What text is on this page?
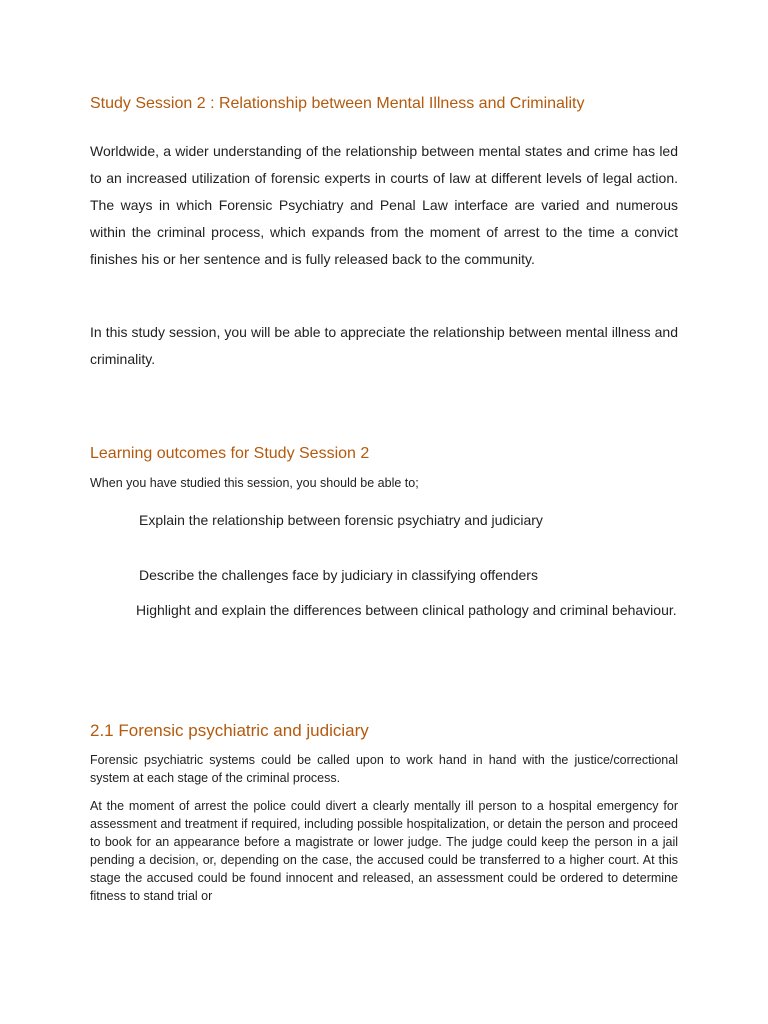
Study Session 2 : Relationship between Mental Illness and Criminality

Worldwide, a wider understanding of the relationship between mental states and crime has led to an increased utilization of forensic experts in courts of law at different levels of legal action. The ways in which Forensic Psychiatry and Penal Law interface are varied and numerous within the criminal process, which expands from the moment of arrest to the time a convict finishes his or her sentence and is fully released back to the community.

In this study session, you will be able to appreciate the relationship between mental illness and criminality.

Learning outcomes for Study Session 2

When you have studied this session, you should be able to;

Explain the relationship between forensic psychiatry and judiciary

Describe the challenges face by judiciary in classifying offenders

Highlight and explain the differences between clinical pathology and criminal behaviour.

2.1 Forensic psychiatric and judiciary

Forensic psychiatric systems could be called upon to work hand in hand with the justice/correctional system at each stage of the criminal process.

At the moment of arrest the police could divert a clearly mentally ill person to a hospital emergency for assessment and treatment if required, including possible hospitalization, or detain the person and proceed to book for an appearance before a magistrate or lower judge. The judge could keep the person in a jail pending a decision, or, depending on the case, the accused could be transferred to a higher court. At this stage the accused could be found innocent and released, an assessment could be ordered to determine fitness to stand trial or
